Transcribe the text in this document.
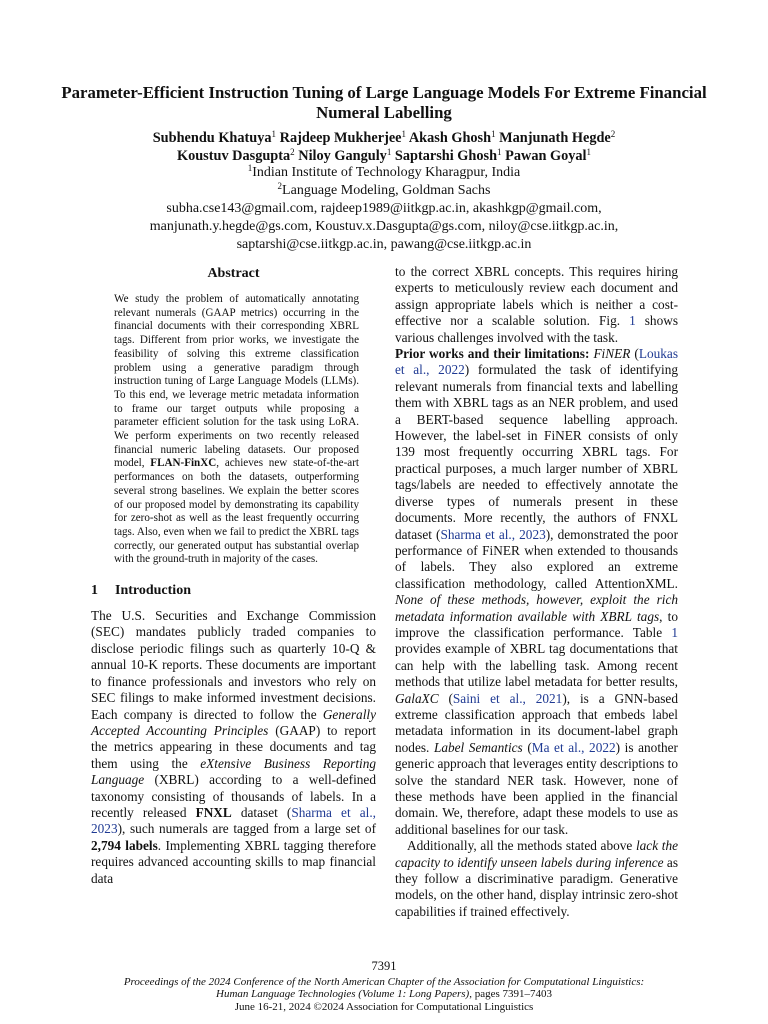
Parameter-Efficient Instruction Tuning of Large Language Models For Extreme Financial Numeral Labelling
Subhendu Khatuya$^1$ Rajdeep Mukherjee$^1$ Akash Ghosh$^1$ Manjunath Hegde$^2$
Koustuv Dasgupta$^2$ Niloy Ganguly$^1$ Saptarshi Ghosh$^1$ Pawan Goyal$^1$
$^1$Indian Institute of Technology Kharagpur, India
$^2$Language Modeling, Goldman Sachs
subha.cse143@gmail.com, rajdeep1989@iitkgp.ac.in, akashkgp@gmail.com,
manjunath.y.hegde@gs.com, Koustuv.x.Dasgupta@gs.com, niloy@cse.iitkgp.ac.in,
saptarshi@cse.iitkgp.ac.in, pawang@cse.iitkgp.ac.in
Abstract

We study the problem of automatically annotating relevant numerals (GAAP metrics) occurring in the financial documents with their corresponding XBRL tags. Different from prior works, we investigate the feasibility of solving this extreme classification problem using a generative paradigm through instruction tuning of Large Language Models (LLMs). To this end, we leverage metric metadata information to frame our target outputs while proposing a parameter efficient solution for the task using LoRA. We perform experiments on two recently released financial numeric labeling datasets. Our proposed model, FLAN-FinXC, achieves new state-of-the-art performances on both the datasets, outperforming several strong baselines. We explain the better scores of our proposed model by demonstrating its capability for zero-shot as well as the least frequently occurring tags. Also, even when we fail to predict the XBRL tags correctly, our generated output has substantial overlap with the ground-truth in majority of the cases.

1 Introduction

The U.S. Securities and Exchange Commission (SEC) mandates publicly traded companies to disclose periodic filings such as quarterly 10-Q & annual 10-K reports. These documents are important to finance professionals and investors who rely on SEC filings to make informed investment decisions. Each company is directed to follow the Generally Accepted Accounting Principles (GAAP) to report the metrics appearing in these documents and tag them using the eXtensive Business Reporting Language (XBRL) according to a well-defined taxonomy consisting of thousands of labels. In a recently released FNXL dataset (Sharma et al., 2023), such numerals are tagged from a large set of 2,794 labels. Implementing XBRL tagging therefore requires advanced accounting skills to map financial data

to the correct XBRL concepts. This requires hiring experts to meticulously review each document and assign appropriate labels which is neither a cost-effective nor a scalable solution. Fig. 1 shows various challenges involved with the task.

Prior works and their limitations: FiNER (Loukas et al., 2022) formulated the task of identifying relevant numerals from financial texts and labelling them with XBRL tags as an NER problem, and used a BERT-based sequence labelling approach. However, the label-set in FiNER consists of only 139 most frequently occurring XBRL tags. For practical purposes, a much larger number of XBRL tags/labels are needed to effectively annotate the diverse types of numerals present in these documents. More recently, the authors of FNXL dataset (Sharma et al., 2023), demonstrated the poor performance of FiNER when extended to thousands of labels. They also explored an extreme classification methodology, called AttentionXML. None of these methods, however, exploit the rich metadata information available with XBRL tags, to improve the classification performance. Table 1 provides example of XBRL tag documentations that can help with the labelling task. Among recent methods that utilize label metadata for better results, GalaXC (Saini et al., 2021), is a GNN-based extreme classification approach that embeds label metadata information in its document-label graph nodes. Label Semantics (Ma et al., 2022) is another generic approach that leverages entity descriptions to solve the standard NER task. However, none of these methods have been applied in the financial domain. We, therefore, adapt these models to use as additional baselines for our task.

Additionally, all the methods stated above lack the capacity to identify unseen labels during inference as they follow a discriminative paradigm. Generative models, on the other hand, display intrinsic zero-shot capabilities if trained effectively.

7391
Proceedings of the 2024 Conference of the North American Chapter of the Association for Computational Linguistics:
Human Language Technologies (Volume 1: Long Papers), pages 7391–7403
June 16-21, 2024 ©2024 Association for Computational Linguistics
